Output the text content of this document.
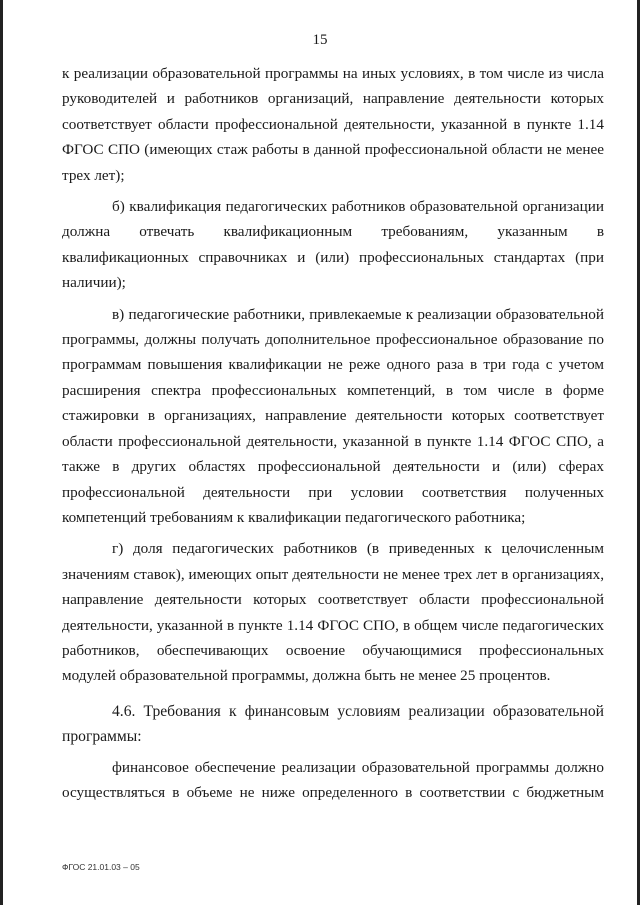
15

к реализации образовательной программы на иных условиях, в том числе из числа руководителей и работников организаций, направление деятельности которых соответствует области профессиональной деятельности, указанной в пункте 1.14 ФГОС СПО (имеющих стаж работы в данной профессиональной области не менее трех лет);

б) квалификация педагогических работников образовательной организации должна отвечать квалификационным требованиям, указанным в квалификационных справочниках и (или) профессиональных стандартах (при наличии);

в) педагогические работники, привлекаемые к реализации образовательной программы, должны получать дополнительное профессиональное образование по программам повышения квалификации не реже одного раза в три года с учетом расширения спектра профессиональных компетенций, в том числе в форме стажировки в организациях, направление деятельности которых соответствует области профессиональной деятельности, указанной в пункте 1.14 ФГОС СПО, а также в других областях профессиональной деятельности и (или) сферах профессиональной деятельности при условии соответствия полученных компетенций требованиям к квалификации педагогического работника;

г) доля педагогических работников (в приведенных к целочисленным значениям ставок), имеющих опыт деятельности не менее трех лет в организациях, направление деятельности которых соответствует области профессиональной деятельности, указанной в пункте 1.14 ФГОС СПО, в общем числе педагогических работников, обеспечивающих освоение обучающимися профессиональных модулей образовательной программы, должна быть не менее 25 процентов.

4.6. Требования к финансовым условиям реализации образовательной программы:

финансовое обеспечение реализации образовательной программы должно осуществляться в объеме не ниже определенного в соответствии с бюджетным

ФГОС 21.01.03 – 05
